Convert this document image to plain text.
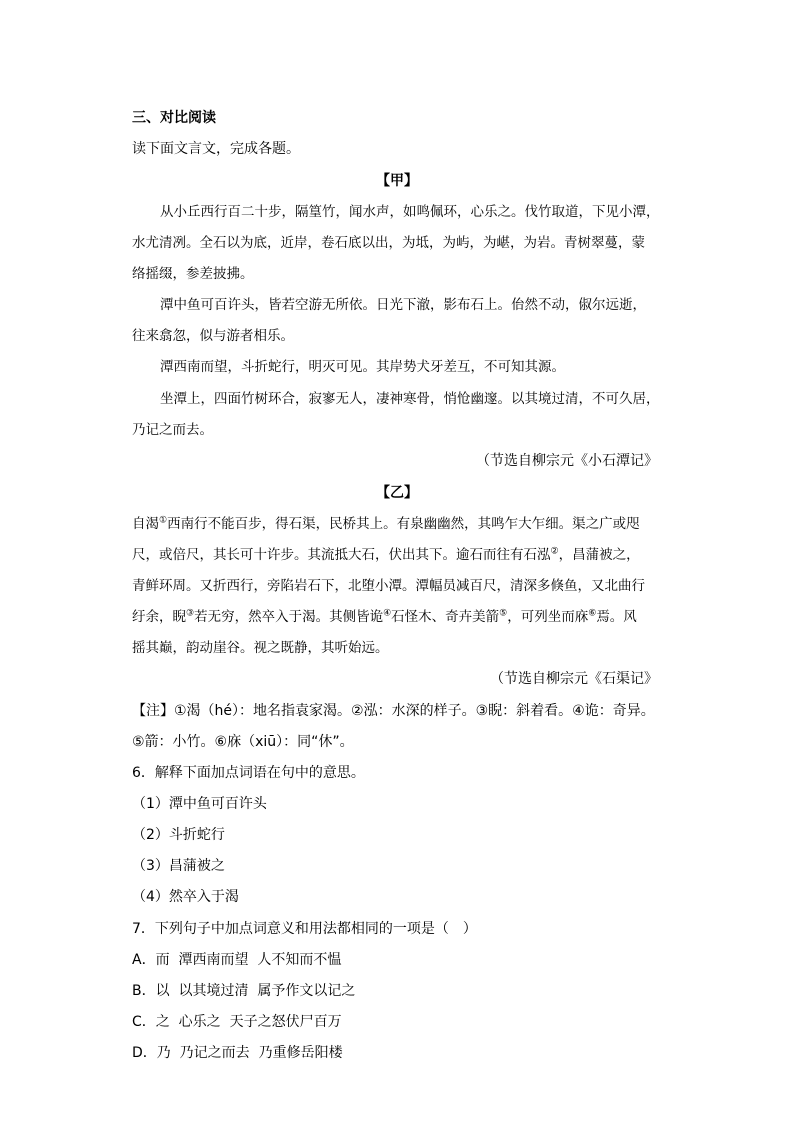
三、对比阅读
读下面文言文，完成各题。
【甲】
从小丘西行百二十步，隔篁竹，闻水声，如鸣佩环，心乐之。伐竹取道，下见小潭，
水尤清冽。全石以为底，近岸，卷石底以出，为坻，为屿，为嵁，为岩。青树翠蔓，蒙
络摇缀，参差披拂。
潭中鱼可百许头，皆若空游无所依。日光下澈，影布石上。佁然不动，俶尔远逝，
往来翕忽，似与游者相乐。
潭西南而望，斗折蛇行，明灭可见。其岸势犬牙差互，不可知其源。
坐潭上，四面竹树环合，寂寥无人，凄神寒骨，悄怆幽邃。以其境过清，不可久居，
乃记之而去。
（节选自柳宗元《小石潭记》
【乙】
自渴①西南行不能百步，得石渠，民桥其上。有泉幽幽然，其鸣乍大乍细。渠之广或咫
尺，或倍尺，其长可十许步。其流抵大石，伏出其下。逾石而往有石泓②，昌蒲被之，
青鲜环周。又折西行，旁陷岩石下，北堕小潭。潭幅员减百尺，清深多倏鱼，又北曲行
纡余，睨③若无穷，然卒入于渴。其侧皆诡④石怪木、奇卉美箭⑤，可列坐而庥⑥焉。风
摇其巅，韵动崖谷。视之既静，其听始远。
（节选自柳宗元《石渠记》
【注】①渴（hé）：地名指袁家渴。②泓：水深的样子。③睨：斜着看。④诡：奇异。
⑤箭：小竹。⑥庥（xiū）：同“休”。
6．解释下面加点词语在句中的意思。
（1）潭中鱼可百许头
（2）斗折蛇行
（3）昌蒲被之
（4）然卒入于渴
7．下列句子中加点词意义和用法都相同的一项是（　）
A．而  潭西南而望  人不知而不愠
B．以  以其境过清  属予作文以记之
C．之  心乐之  天子之怒伏尸百万
D．乃  乃记之而去  乃重修岳阳楼
